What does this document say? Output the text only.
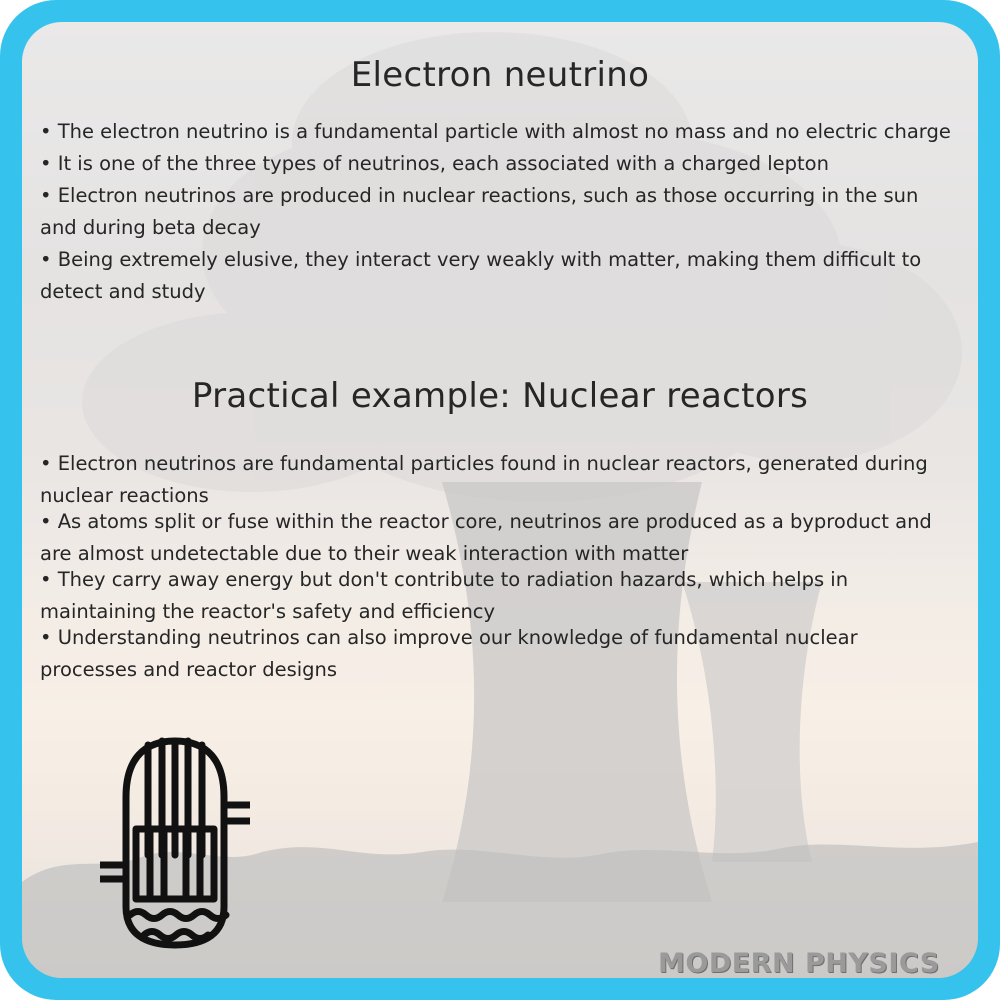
Electron neutrino
• The electron neutrino is a fundamental particle with almost no mass and no electric charge
• It is one of the three types of neutrinos, each associated with a charged lepton
• Electron neutrinos are produced in nuclear reactions, such as those occurring in the sun and during beta decay
• Being extremely elusive, they interact very weakly with matter, making them difficult to detect and study
Practical example: Nuclear reactors
• Electron neutrinos are fundamental particles found in nuclear reactors, generated during nuclear reactions
• As atoms split or fuse within the reactor core, neutrinos are produced as a byproduct and are almost undetectable due to their weak interaction with matter
• They carry away energy but don't contribute to radiation hazards, which helps in maintaining the reactor's safety and efficiency
• Understanding neutrinos can also improve our knowledge of fundamental nuclear processes and reactor designs
MODERN PHYSICS
